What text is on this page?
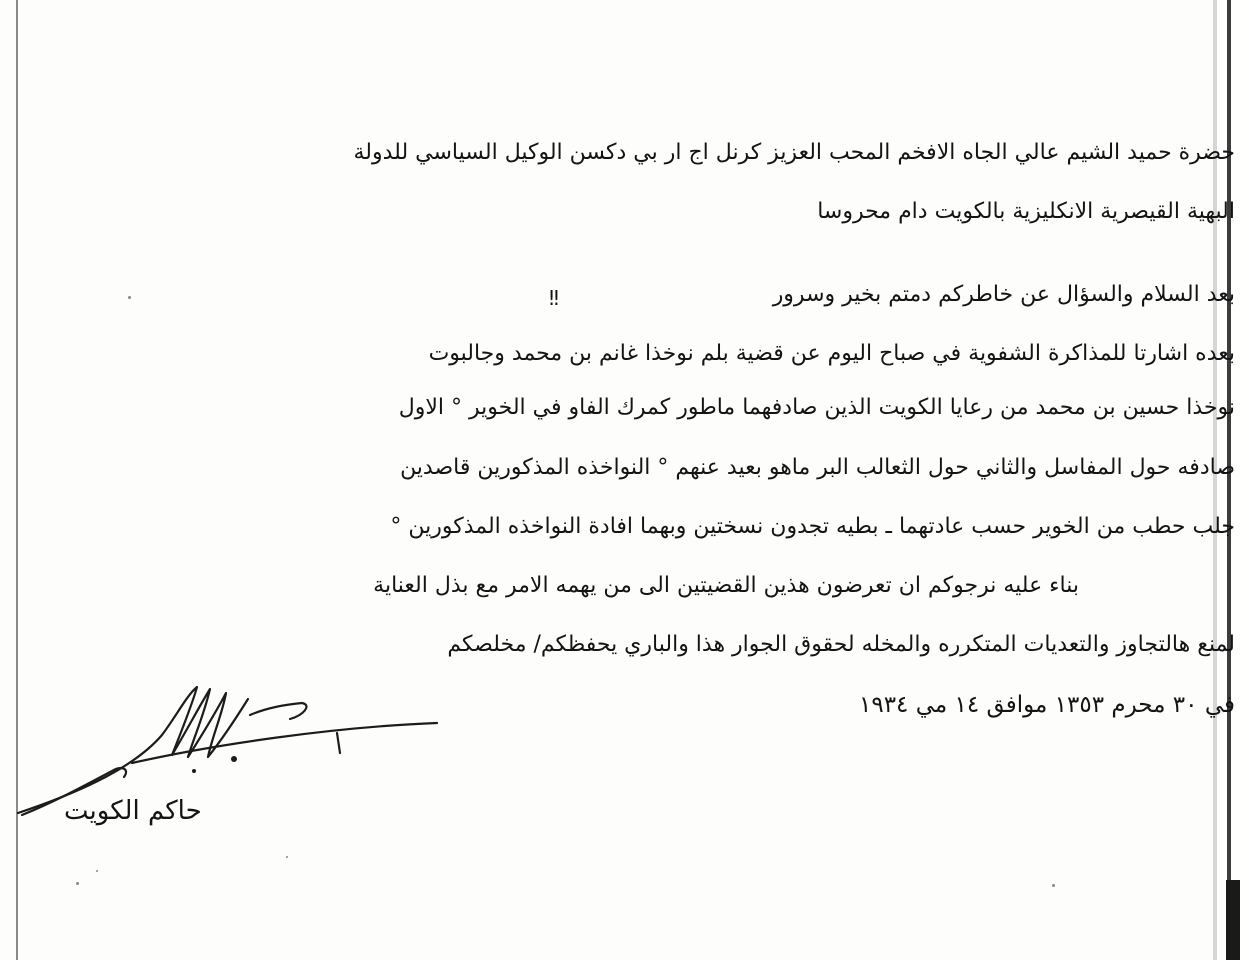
حضرة حميد الشيم عالي الجاه الافخم المحب العزيز كرنل اج ار بي دكسن الوكيل السياسي للدولة
البهية القيصرية الانكليزية بالكويت دام محروسا
بعد السلام والسؤال عن خاطركم دمتم بخير وسرور
‼
بعده اشارتا للمذاكرة الشفوية في صباح اليوم عن قضية بلم نوخذا غانم بن محمد وجالبوت
نوخذا حسين بن محمد من رعايا الكويت الذين صادفهما ماطور كمرك الفاو في الخوير ° الاول
صادفه حول المفاسل والثاني حول الثعالب البر ماهو بعيد عنهم ° النواخذه المذكورين قاصدين
جلب حطب من الخوير حسب عادتهما ـ بطيه تجدون نسختين وبهما افادة النواخذه المذكورين °
بناء عليه نرجوكم ان تعرضون هذين القضيتين الى من يهمه الامر مع بذل العناية
لمنع هالتجاوز والتعديات المتكرره والمخله لحقوق الجوار هذا والباري يحفظكم/ مخلصكم
في ٣٠ محرم ١٣٥٣ موافق ١٤ مي ١٩٣٤
حاكم الكويت
